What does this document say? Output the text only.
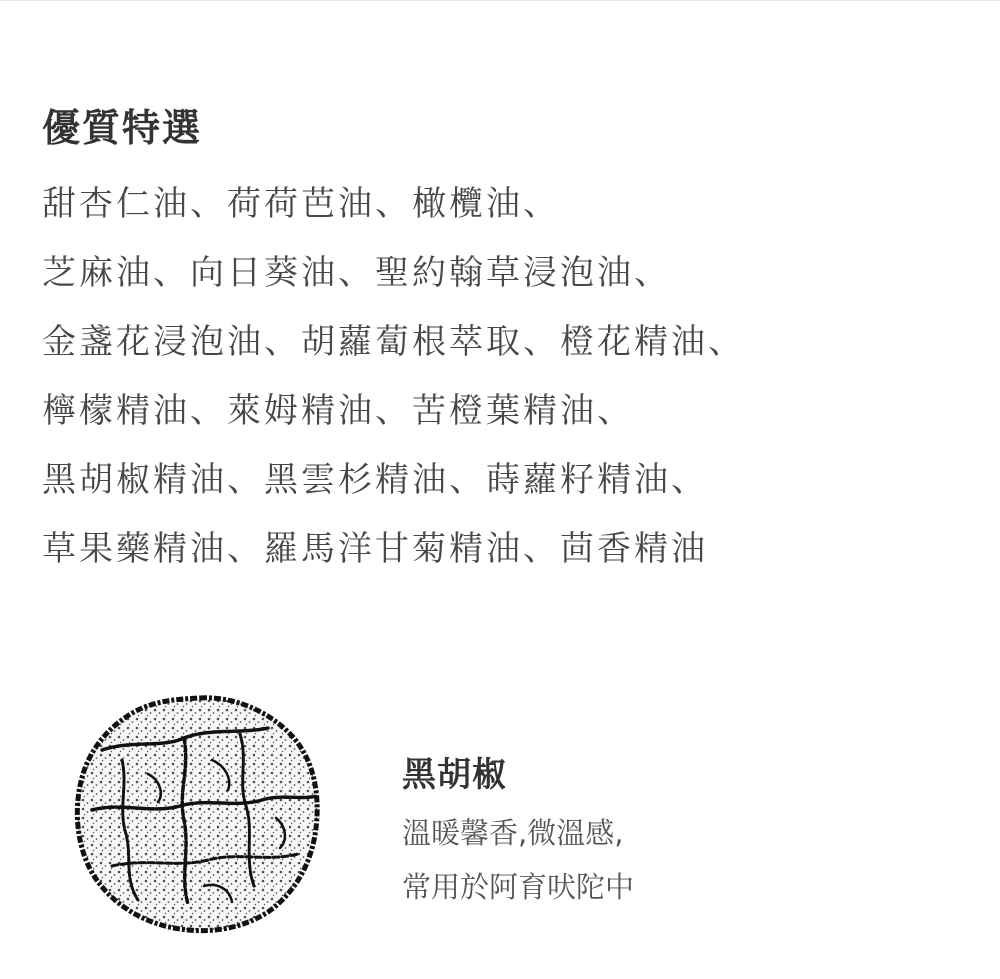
優質特選
甜杏仁油、荷荷芭油、橄欖油、
芝麻油、向日葵油、聖約翰草浸泡油、
金盞花浸泡油、胡蘿蔔根萃取、橙花精油、
檸檬精油、萊姆精油、苦橙葉精油、
黑胡椒精油、黑雲杉精油、蒔蘿籽精油、
草果藥精油、羅馬洋甘菊精油、茴香精油
黑胡椒
溫暖馨香,微溫感,
常用於阿育吠陀中
